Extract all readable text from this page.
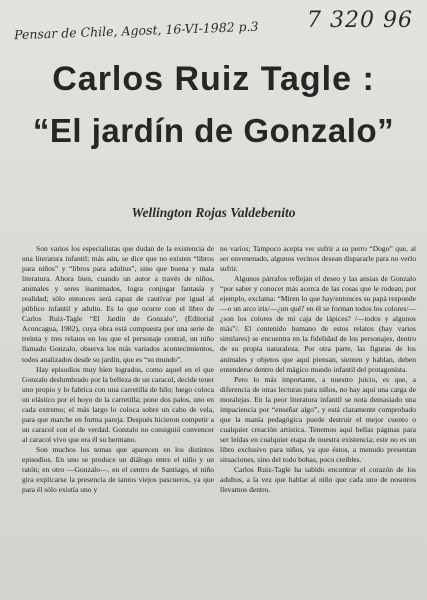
Pensar de Chile, Agost, 16-VI-1982 p.3	7 320 96
Carlos Ruiz Tagle :
“El jardín de Gonzalo”
Wellington Rojas Valdebenito

Son varios los especialistas que dudan de la existencia de una literatura infantil; más aún, se dice que no existen “libros para niños” y “libros para adultos”, sino que buena y mala literatura. Ahora bien, cuando un autor a través de niños, animales y seres inanimados, logra conjugar fantasía y realidad; sólo entonces será capaz de cautivar por igual al público infantil y adulto. Es lo que ocurre con el libro de Carlos Ruiz-Tagle “El Jardín de Gonzalo”, (Editorial Aconcagua, 1982), cuya obra está compuesta por una serie de treinta y tres relatos en los que el personaje central, un niño llamado Gonzalo, observa los más variados acontecimientos, todos analizados desde su jardín, que es “su mundo”.

Hay episodios muy bien logrados, como aquel en el que Gonzalo deslumbrado por la belleza de un caracol, decide tener uno propio y lo fabrica con una carretilla de hilo; luego coloca un elástico por el hoyo de la carretilla; pone dos palos, uno en cada extremo; el más largo lo coloca sobre un cabo de vela, para que marche en forma pareja. Después hicieron competir a un caracol con el de verdad. Gonzalo no consiguió convencer al caracol vivo que era él su hermano.

Son muchos los temas que aparecen en los distintos episodios. En uno se produce un diálogo entre el niño y un ratón; en otro —Gonzalo—, en el centro de Santiago, el niño gira explicarse la presencia de tantos viejos pascueros, ya que para él sólo existía uno y

no varios; Tampoco acepta ver sufrir a su perro “Dogo” que, al ser envenenado, algunos vecinos desean dispararle para no verlo sufrir.

Algunos párrafos reflejan el deseo y las ansias de Gonzalo “por saber y conocer más acerca de las cosas que le rodean; por ejemplo, exclama: “Miren lo que hay/entonces su papá responde—o un arco iris/—¿un qué? en él se forman todos los colores/—¿son los colores de mi caja de lápices? /—todos y algunos más”/. El contenido humano de estos relatos (hay varios similares) se encuentra en la fidelidad de los personajes, dentro de su propia naturaleza. Por otra parte, las figuras de los animales y objetos que aquí piensan, sienten y hablan, deben entenderse dentro del mágico mundo infantil del protagonista.

Pero lo más importante, a nuestro juicio, es que, a diferencia de otras lecturas para niños, no hay aquí una carga de moralejas. En la peor literatura infantil se nota demasiado una impaciencia por “enseñar algo”, y está claramente comprobado que la manía pedagógica puede destruir el mejor cuento o cualquier creación artística. Tenemos aquí bellas páginas para ser leídas en cualquier etapa de nuestra existencia; este no es un libro exclusivo para niños, ya que éstos, a menudo presentan situaciones, sino del todo bobas, poco creíbles.

Carlos Ruiz-Tagle ha sabido encontrar el corazón de los adultos, a la vez que hablar al niño que cada uno de nosotros llevamos dentro.
